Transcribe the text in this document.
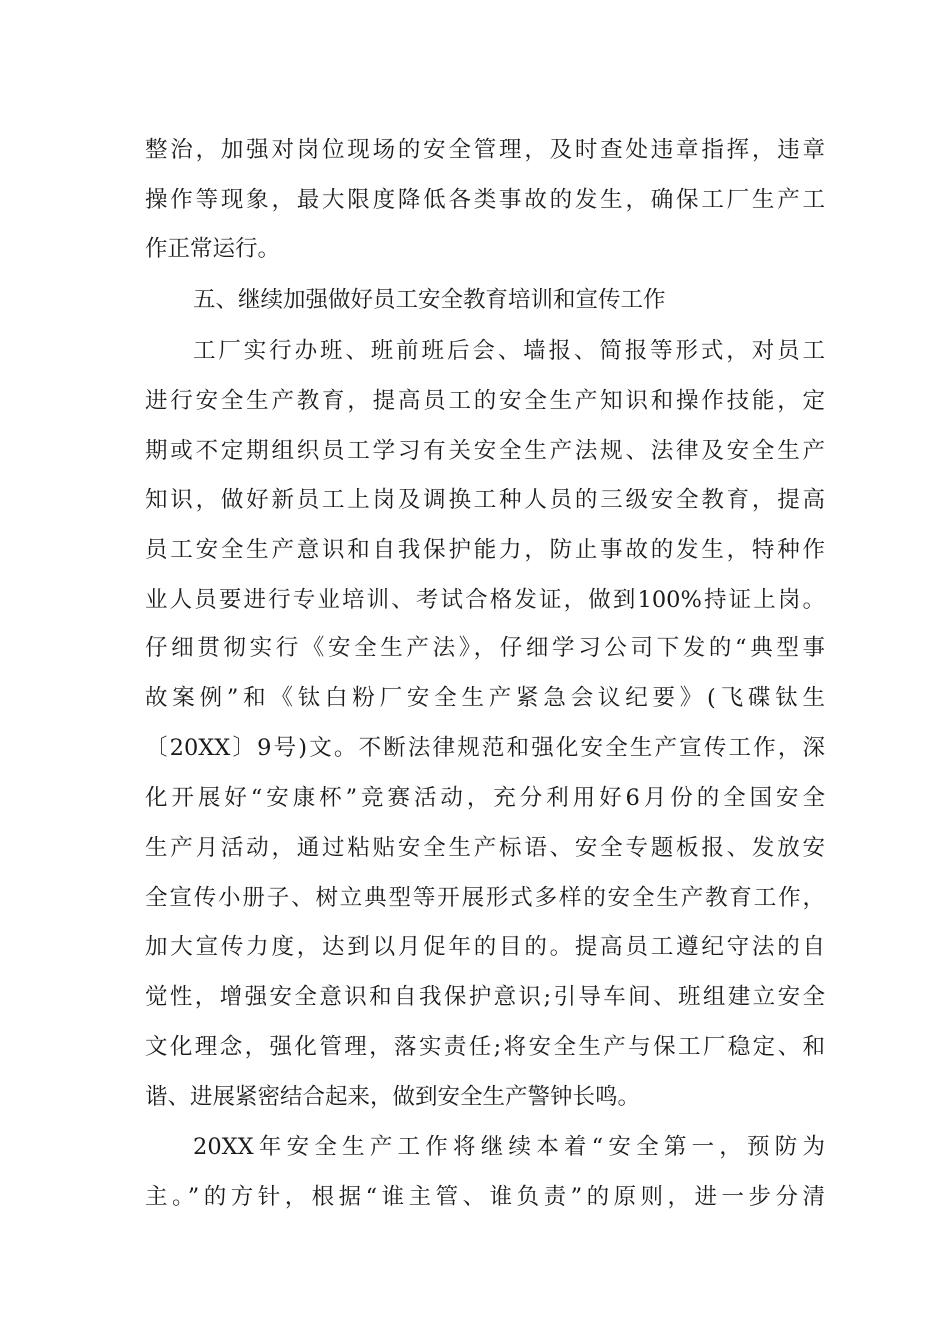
整治，加强对岗位现场的安全管理，及时查处违章指挥，违章
操作等现象，最大限度降低各类事故的发生，确保工厂生产工
作正常运行。
五、继续加强做好员工安全教育培训和宣传工作
工厂实行办班、班前班后会、墙报、简报等形式，对员工
进行安全生产教育，提高员工的安全生产知识和操作技能，定
期或不定期组织员工学习有关安全生产法规、法律及安全生产
知识，做好新员工上岗及调换工种人员的三级安全教育，提高
员工安全生产意识和自我保护能力，防止事故的发生，特种作
业人员要进行专业培训、考试合格发证，做到100%持证上岗。
仔细贯彻实行《安全生产法》，仔细学习公司下发的“典型事
故案例”和《钛白粉厂安全生产紧急会议纪要》(飞碟钛生
〔20XX〕9号)文。不断法律规范和强化安全生产宣传工作，深
化开展好“安康杯”竞赛活动，充分利用好6月份的全国安全
生产月活动，通过粘贴安全生产标语、安全专题板报、发放安
全宣传小册子、树立典型等开展形式多样的安全生产教育工作，
加大宣传力度，达到以月促年的目的。提高员工遵纪守法的自
觉性，增强安全意识和自我保护意识;引导车间、班组建立安全
文化理念，强化管理，落实责任;将安全生产与保工厂稳定、和
谐、进展紧密结合起来，做到安全生产警钟长鸣。
20XX年安全生产工作将继续本着“安全第一，预防为
主。”的方针，根据“谁主管、谁负责”的原则，进一步分清
